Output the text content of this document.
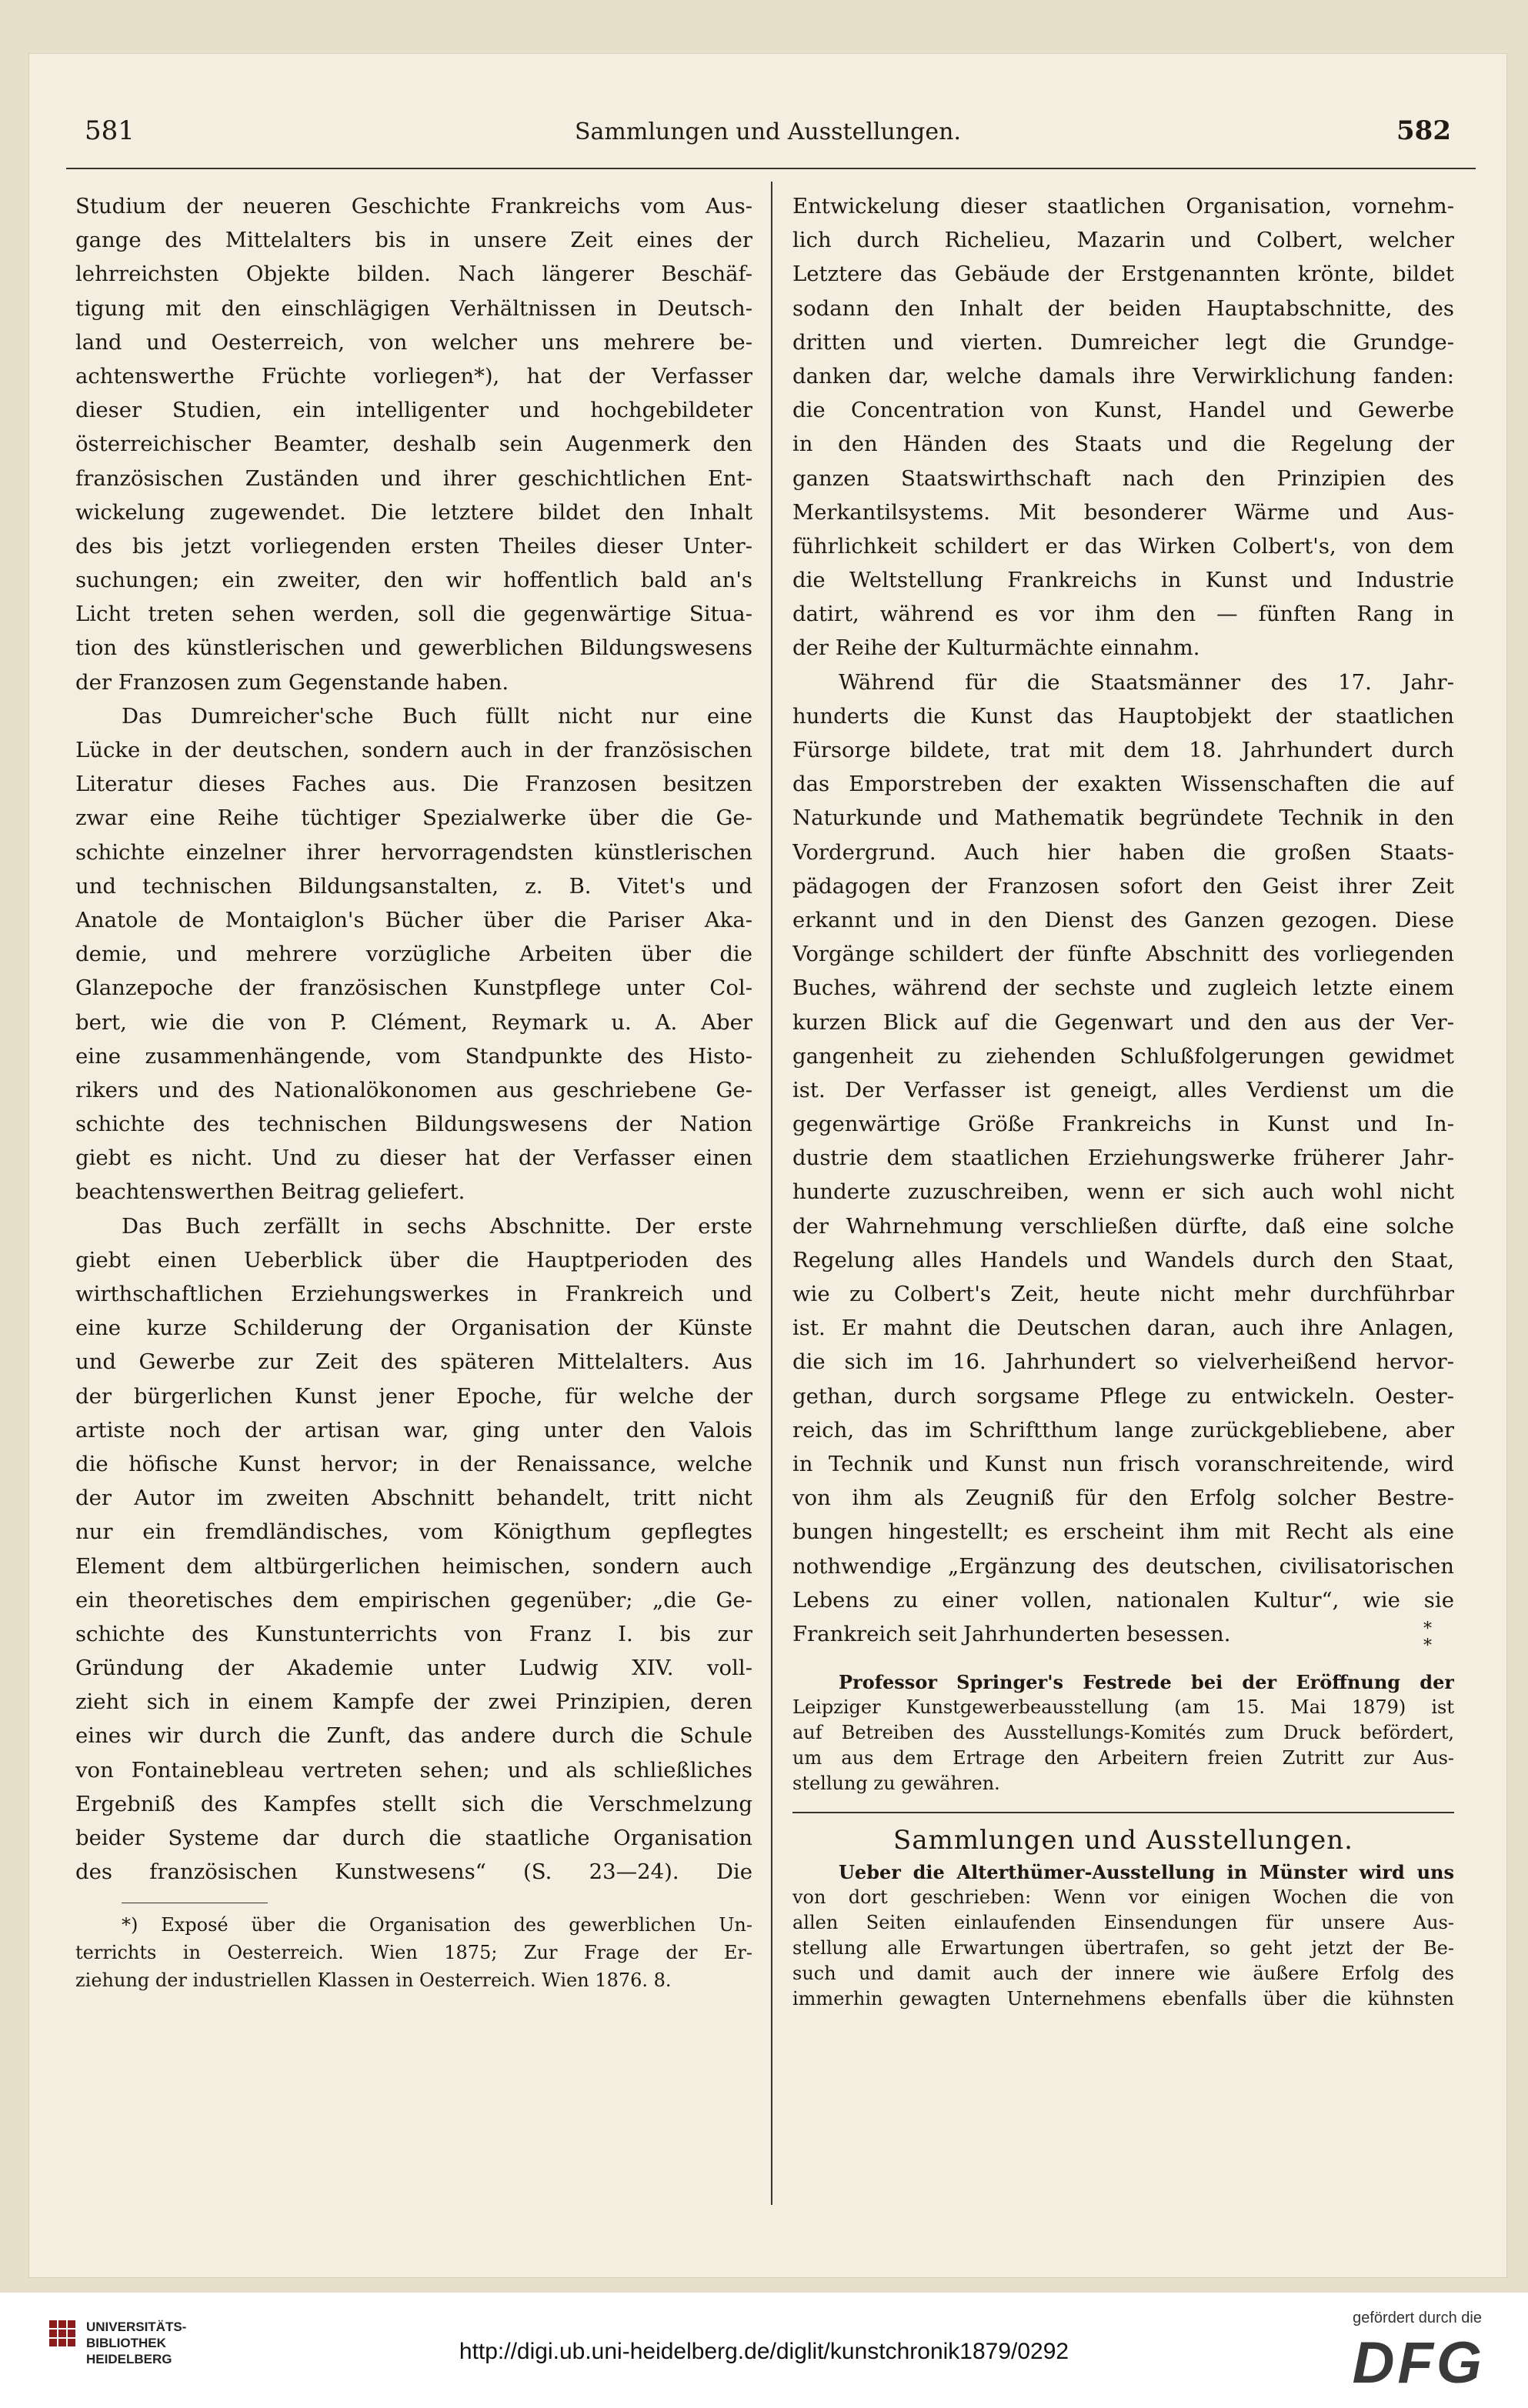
581	Sammlungen und Ausstellungen.	582
Studium der neueren Geschichte Frankreichs vom Aus-
gange des Mittelalters bis in unsere Zeit eines der
lehrreichsten Objekte bilden. Nach längerer Beschäf-
tigung mit den einschlägigen Verhältnissen in Deutsch-
land und Oesterreich, von welcher uns mehrere be-
achtenswerthe Früchte vorliegen*), hat der Verfasser
dieser Studien, ein intelligenter und hochgebildeter
österreichischer Beamter, deshalb sein Augenmerk den
französischen Zuständen und ihrer geschichtlichen Ent-
wickelung zugewendet. Die letztere bildet den Inhalt
des bis jetzt vorliegenden ersten Theiles dieser Unter-
suchungen; ein zweiter, den wir hoffentlich bald an's
Licht treten sehen werden, soll die gegenwärtige Situa-
tion des künstlerischen und gewerblichen Bildungswesens
der Franzosen zum Gegenstande haben.
Das Dumreicher'sche Buch füllt nicht nur eine
Lücke in der deutschen, sondern auch in der französischen
Literatur dieses Faches aus. Die Franzosen besitzen
zwar eine Reihe tüchtiger Spezialwerke über die Ge-
schichte einzelner ihrer hervorragendsten künstlerischen
und technischen Bildungsanstalten, z. B. Vitet's und
Anatole de Montaiglon's Bücher über die Pariser Aka-
demie, und mehrere vorzügliche Arbeiten über die
Glanzepoche der französischen Kunstpflege unter Col-
bert, wie die von P. Clément, Reymark u. A. Aber
eine zusammenhängende, vom Standpunkte des Histo-
rikers und des Nationalökonomen aus geschriebene Ge-
schichte des technischen Bildungswesens der Nation
giebt es nicht. Und zu dieser hat der Verfasser einen
beachtenswerthen Beitrag geliefert.
Das Buch zerfällt in sechs Abschnitte. Der erste
giebt einen Ueberblick über die Hauptperioden des
wirthschaftlichen Erziehungswerkes in Frankreich und
eine kurze Schilderung der Organisation der Künste
und Gewerbe zur Zeit des späteren Mittelalters. Aus
der bürgerlichen Kunst jener Epoche, für welche der
artiste noch der artisan war, ging unter den Valois
die höfische Kunst hervor; in der Renaissance, welche
der Autor im zweiten Abschnitt behandelt, tritt nicht
nur ein fremdländisches, vom Königthum gepflegtes
Element dem altbürgerlichen heimischen, sondern auch
ein theoretisches dem empirischen gegenüber; „die Ge-
schichte des Kunstunterrichts von Franz I. bis zur
Gründung der Akademie unter Ludwig XIV. voll-
zieht sich in einem Kampfe der zwei Prinzipien, deren
eines wir durch die Zunft, das andere durch die Schule
von Fontainebleau vertreten sehen; und als schließliches
Ergebniß des Kampfes stellt sich die Verschmelzung
beider Systeme dar durch die staatliche Organisation
des französischen Kunstwesens“ (S. 23—24). Die
*) Exposé über die Organisation des gewerblichen Un-
terrichts in Oesterreich. Wien 1875; Zur Frage der Er-
ziehung der industriellen Klassen in Oesterreich. Wien 1876. 8.
Entwickelung dieser staatlichen Organisation, vornehm-
lich durch Richelieu, Mazarin und Colbert, welcher
Letztere das Gebäude der Erstgenannten krönte, bildet
sodann den Inhalt der beiden Hauptabschnitte, des
dritten und vierten. Dumreicher legt die Grundge-
danken dar, welche damals ihre Verwirklichung fanden:
die Concentration von Kunst, Handel und Gewerbe
in den Händen des Staats und die Regelung der
ganzen Staatswirthschaft nach den Prinzipien des
Merkantilsystems. Mit besonderer Wärme und Aus-
führlichkeit schildert er das Wirken Colbert's, von dem
die Weltstellung Frankreichs in Kunst und Industrie
datirt, während es vor ihm den — fünften Rang in
der Reihe der Kulturmächte einnahm.
Während für die Staatsmänner des 17. Jahr-
hunderts die Kunst das Hauptobjekt der staatlichen
Fürsorge bildete, trat mit dem 18. Jahrhundert durch
das Emporstreben der exakten Wissenschaften die auf
Naturkunde und Mathematik begründete Technik in den
Vordergrund. Auch hier haben die großen Staats-
pädagogen der Franzosen sofort den Geist ihrer Zeit
erkannt und in den Dienst des Ganzen gezogen. Diese
Vorgänge schildert der fünfte Abschnitt des vorliegenden
Buches, während der sechste und zugleich letzte einem
kurzen Blick auf die Gegenwart und den aus der Ver-
gangenheit zu ziehenden Schlußfolgerungen gewidmet
ist. Der Verfasser ist geneigt, alles Verdienst um die
gegenwärtige Größe Frankreichs in Kunst und In-
dustrie dem staatlichen Erziehungswerke früherer Jahr-
hunderte zuzuschreiben, wenn er sich auch wohl nicht
der Wahrnehmung verschließen dürfte, daß eine solche
Regelung alles Handels und Wandels durch den Staat,
wie zu Colbert's Zeit, heute nicht mehr durchführbar
ist. Er mahnt die Deutschen daran, auch ihre Anlagen,
die sich im 16. Jahrhundert so vielverheißend hervor-
gethan, durch sorgsame Pflege zu entwickeln. Oester-
reich, das im Schriftthum lange zurückgebliebene, aber
in Technik und Kunst nun frisch voranschreitende, wird
von ihm als Zeugniß für den Erfolg solcher Bestre-
bungen hingestellt; es erscheint ihm mit Recht als eine
nothwendige „Ergänzung des deutschen, civilisatorischen
Lebens zu einer vollen, nationalen Kultur“, wie sie
Frankreich seit Jahrhunderten besessen.	*
*
Professor Springer's Festrede bei der Eröffnung der
Leipziger Kunstgewerbeausstellung (am 15. Mai 1879) ist
auf Betreiben des Ausstellungs-Komités zum Druck befördert,
um aus dem Ertrage den Arbeitern freien Zutritt zur Aus-
stellung zu gewähren.
Sammlungen und Ausstellungen.
Ueber die Alterthümer-Ausstellung in Münster wird uns
von dort geschrieben: Wenn vor einigen Wochen die von
allen Seiten einlaufenden Einsendungen für unsere Aus-
stellung alle Erwartungen übertrafen, so geht jetzt der Be-
such und damit auch der innere wie äußere Erfolg des
immerhin gewagten Unternehmens ebenfalls über die kühnsten
UNIVERSITÄTS-
BIBLIOTHEK
HEIDELBERG	http://digi.ub.uni-heidelberg.de/diglit/kunstchronik1879/0292
gefördert durch die
DFG
